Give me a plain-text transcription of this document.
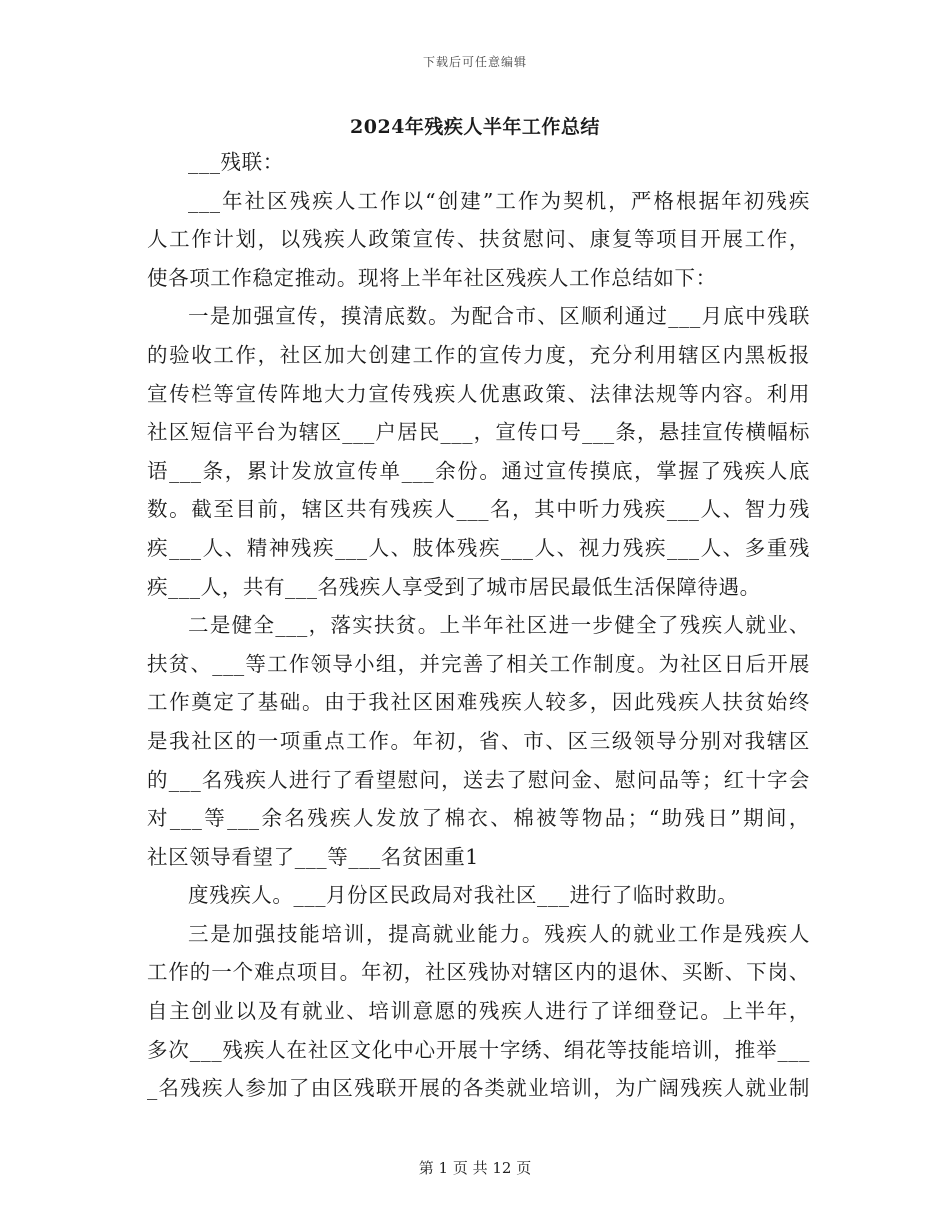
下载后可任意编辑
2024年残疾人半年工作总结
___残联：
___年社区残疾人工作以“创建”工作为契机，严格根据年初残疾
人工作计划，以残疾人政策宣传、扶贫慰问、康复等项目开展工作，
使各项工作稳定推动。现将上半年社区残疾人工作总结如下：
一是加强宣传，摸清底数。为配合市、区顺利通过___月底中残联
的验收工作，社区加大创建工作的宣传力度，充分利用辖区内黑板报
宣传栏等宣传阵地大力宣传残疾人优惠政策、法律法规等内容。利用
社区短信平台为辖区___户居民___，宣传口号___条，悬挂宣传横幅标
语___条，累计发放宣传单___余份。通过宣传摸底，掌握了残疾人底
数。截至目前，辖区共有残疾人___名，其中听力残疾___人、智力残
疾___人、精神残疾___人、肢体残疾___人、视力残疾___人、多重残
疾___人，共有___名残疾人享受到了城市居民最低生活保障待遇。
二是健全___，落实扶贫。上半年社区进一步健全了残疾人就业、
扶贫、___等工作领导小组，并完善了相关工作制度。为社区日后开展
工作奠定了基础。由于我社区困难残疾人较多，因此残疾人扶贫始终
是我社区的一项重点工作。年初，省、市、区三级领导分别对我辖区
的___名残疾人进行了看望慰问，送去了慰问金、慰问品等；红十字会
对___等___余名残疾人发放了棉衣、棉被等物品；“助残日”期间，
社区领导看望了___等___名贫困重1
度残疾人。___月份区民政局对我社区___进行了临时救助。
三是加强技能培训，提高就业能力。残疾人的就业工作是残疾人
工作的一个难点项目。年初，社区残协对辖区内的退休、买断、下岗、
自主创业以及有就业、培训意愿的残疾人进行了详细登记。上半年，
多次___残疾人在社区文化中心开展十字绣、绢花等技能培训，推举___
_名残疾人参加了由区残联开展的各类就业培训，为广阔残疾人就业制
第 1 页 共 12 页
